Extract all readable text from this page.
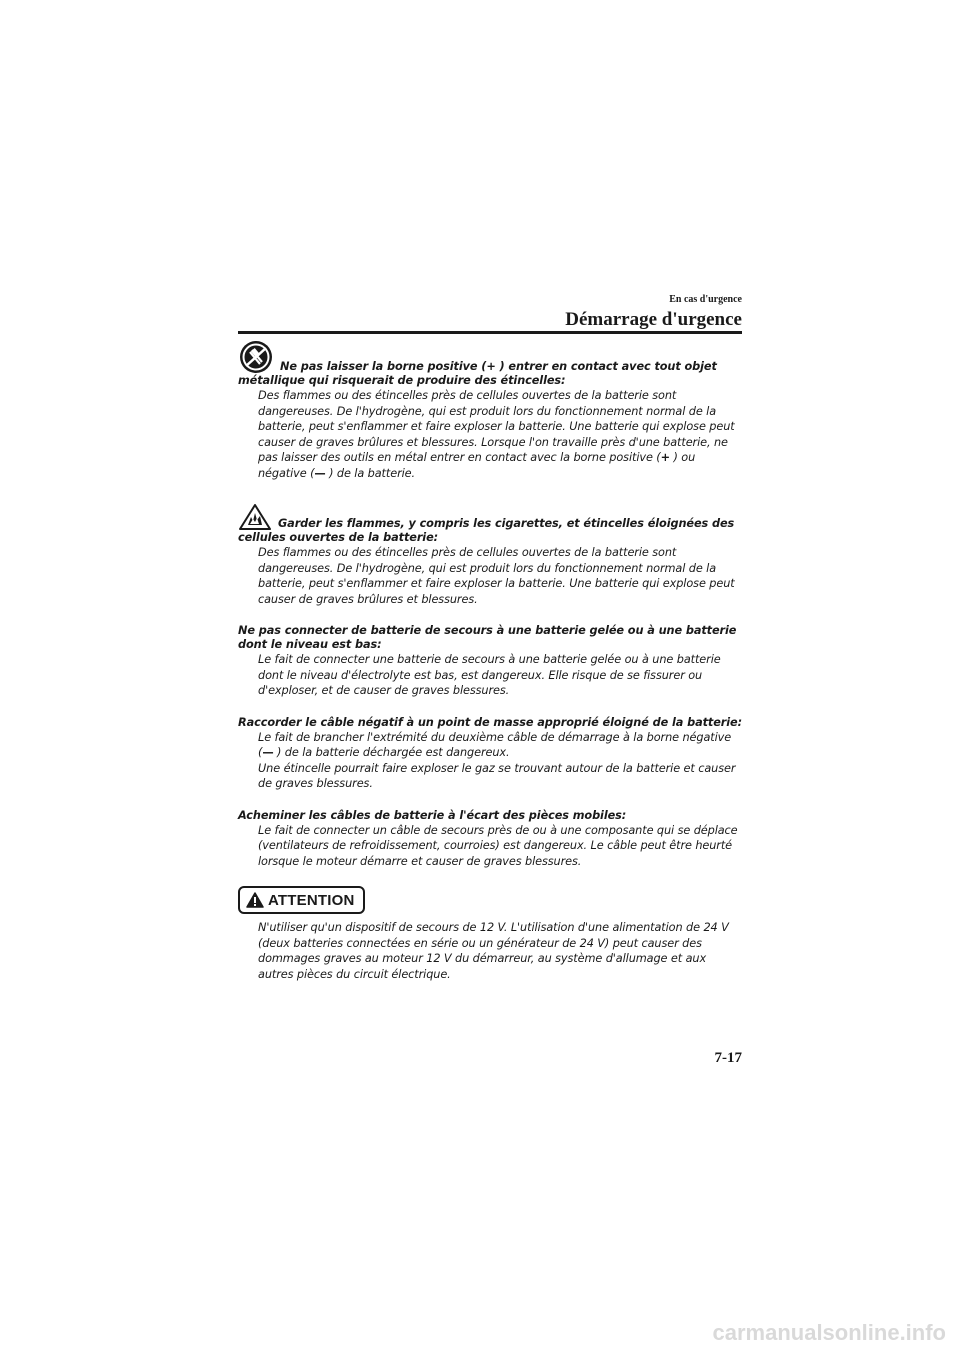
En cas d'urgence
Démarrage d'urgence
Ne pas laisser la borne positive (+ ) entrer en contact avec tout objet métallique qui risquerait de produire des étincelles:
Des flammes ou des étincelles près de cellules ouvertes de la batterie sont dangereuses. De l'hydrogène, qui est produit lors du fonctionnement normal de la batterie, peut s'enflammer et faire exploser la batterie. Une batterie qui explose peut causer de graves brûlures et blessures. Lorsque l'on travaille près d'une batterie, ne pas laisser des outils en métal entrer en contact avec la borne positive (+ ) ou négative (— ) de la batterie.
Garder les flammes, y compris les cigarettes, et étincelles éloignées des cellules ouvertes de la batterie:
Des flammes ou des étincelles près de cellules ouvertes de la batterie sont dangereuses. De l'hydrogène, qui est produit lors du fonctionnement normal de la batterie, peut s'enflammer et faire exploser la batterie. Une batterie qui explose peut causer de graves brûlures et blessures.
Ne pas connecter de batterie de secours à une batterie gelée ou à une batterie dont le niveau est bas:
Le fait de connecter une batterie de secours à une batterie gelée ou à une batterie dont le niveau d'électrolyte est bas, est dangereux. Elle risque de se fissurer ou d'exploser, et de causer de graves blessures.
Raccorder le câble négatif à un point de masse approprié éloigné de la batterie:
Le fait de brancher l'extrémité du deuxième câble de démarrage à la borne négative (— ) de la batterie déchargée est dangereux.
Une étincelle pourrait faire exploser le gaz se trouvant autour de la batterie et causer de graves blessures.
Acheminer les câbles de batterie à l'écart des pièces mobiles:
Le fait de connecter un câble de secours près de ou à une composante qui se déplace (ventilateurs de refroidissement, courroies) est dangereux. Le câble peut être heurté lorsque le moteur démarre et causer de graves blessures.
ATTENTION
N'utiliser qu'un dispositif de secours de 12 V. L'utilisation d'une alimentation de 24 V (deux batteries connectées en série ou un générateur de 24 V) peut causer des dommages graves au moteur 12 V du démarreur, au système d'allumage et aux autres pièces du circuit électrique.
7-17
carmanualsonline.info
